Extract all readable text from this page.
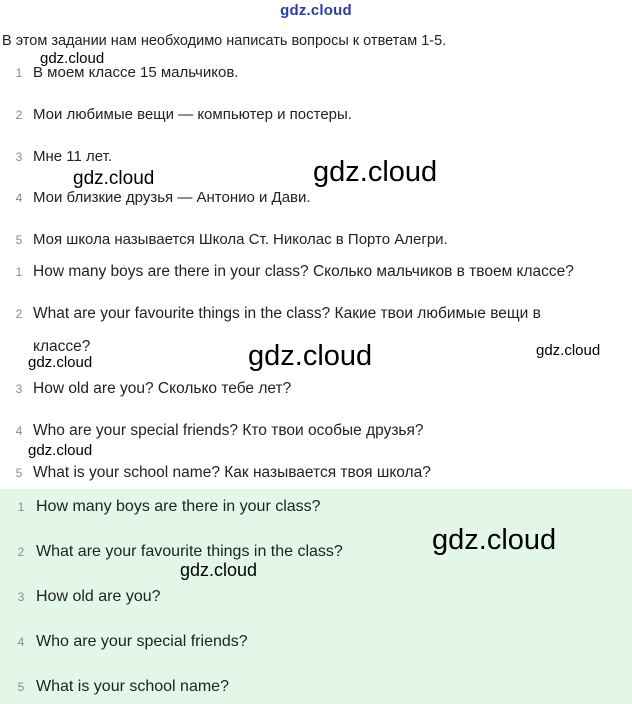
gdz.cloud
В этом задании нам необходимо написать вопросы к ответам 1-5.
1 В моем классе 15 мальчиков.
2 Мои любимые вещи — компьютер и постеры.
3 Мне 11 лет.
4 Мои близкие друзья — Антонио и Дави.
5 Моя школа называется Школа Ст. Николас в Порто Алегри.
1 How many boys are there in your class? Сколько мальчиков в твоем классе?
2 What are your favourite things in the class? Какие твои любимые вещи в
классе?
3 How old are you? Сколько тебе лет?
4 Who are your special friends? Кто твои особые друзья?
5 What is your school name? Как называется твоя школа?
1 How many boys are there in your class?
2 What are your favourite things in the class?
3 How old are you?
4 Who are your special friends?
5 What is your school name?
gdz.cloud
gdz.cloud	gdz.cloud
gdz.cloud	gdz.cloud
gdz.cloud
gdz.cloud
gdz.cloud
gdz.cloud
